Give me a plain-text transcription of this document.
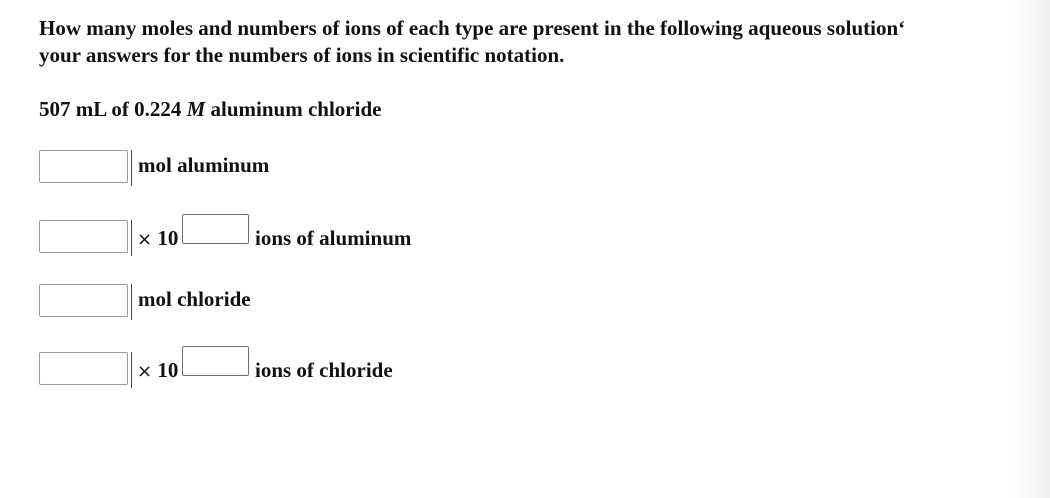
How many moles and numbers of ions of each type are present in the following aqueous solution‘
your answers for the numbers of ions in scientific notation.
507 mL of 0.224 M aluminum chloride
mol aluminum
× 10	ions of aluminum
mol chloride
× 10	ions of chloride
